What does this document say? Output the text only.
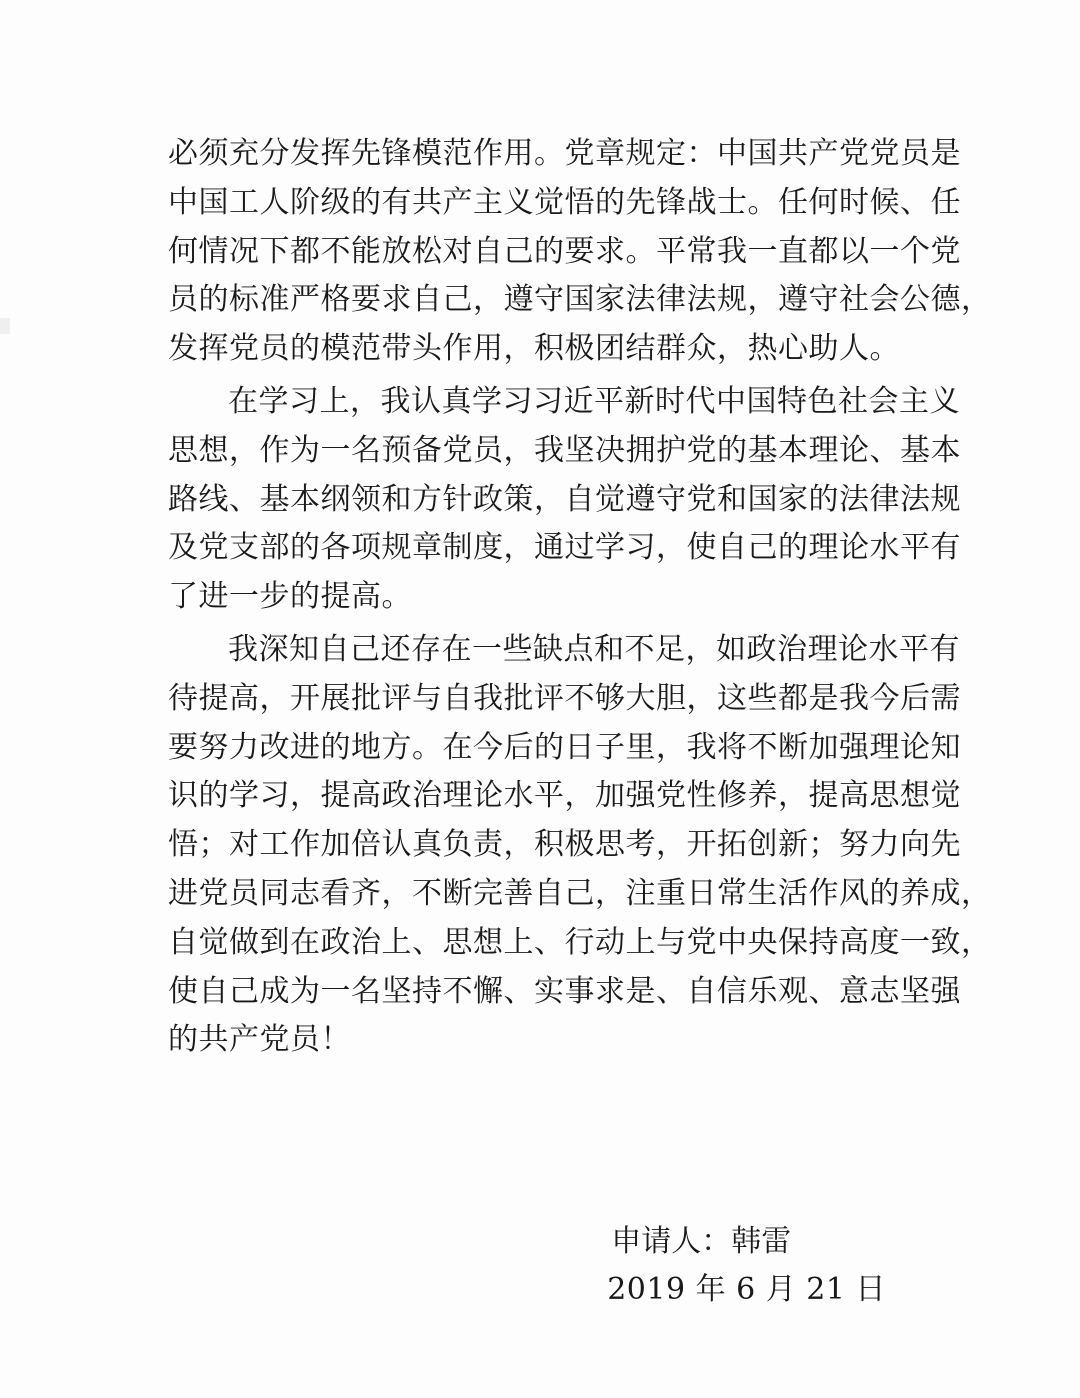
必须充分发挥先锋模范作用。党章规定：中国共产党党员是
中国工人阶级的有共产主义觉悟的先锋战士。任何时候、任
何情况下都不能放松对自己的要求。平常我一直都以一个党
员的标准严格要求自己，遵守国家法律法规，遵守社会公德，
发挥党员的模范带头作用，积极团结群众，热心助人。
在学习上，我认真学习习近平新时代中国特色社会主义
思想，作为一名预备党员，我坚决拥护党的基本理论、基本
路线、基本纲领和方针政策，自觉遵守党和国家的法律法规
及党支部的各项规章制度，通过学习，使自己的理论水平有
了进一步的提高。
我深知自己还存在一些缺点和不足，如政治理论水平有
待提高，开展批评与自我批评不够大胆，这些都是我今后需
要努力改进的地方。在今后的日子里，我将不断加强理论知
识的学习，提高政治理论水平，加强党性修养，提高思想觉
悟；对工作加倍认真负责，积极思考，开拓创新；努力向先
进党员同志看齐，不断完善自己，注重日常生活作风的养成，
自觉做到在政治上、思想上、行动上与党中央保持高度一致，
使自己成为一名坚持不懈、实事求是、自信乐观、意志坚强
的共产党员！
申请人：韩雷
2019 年 6 月 21 日
